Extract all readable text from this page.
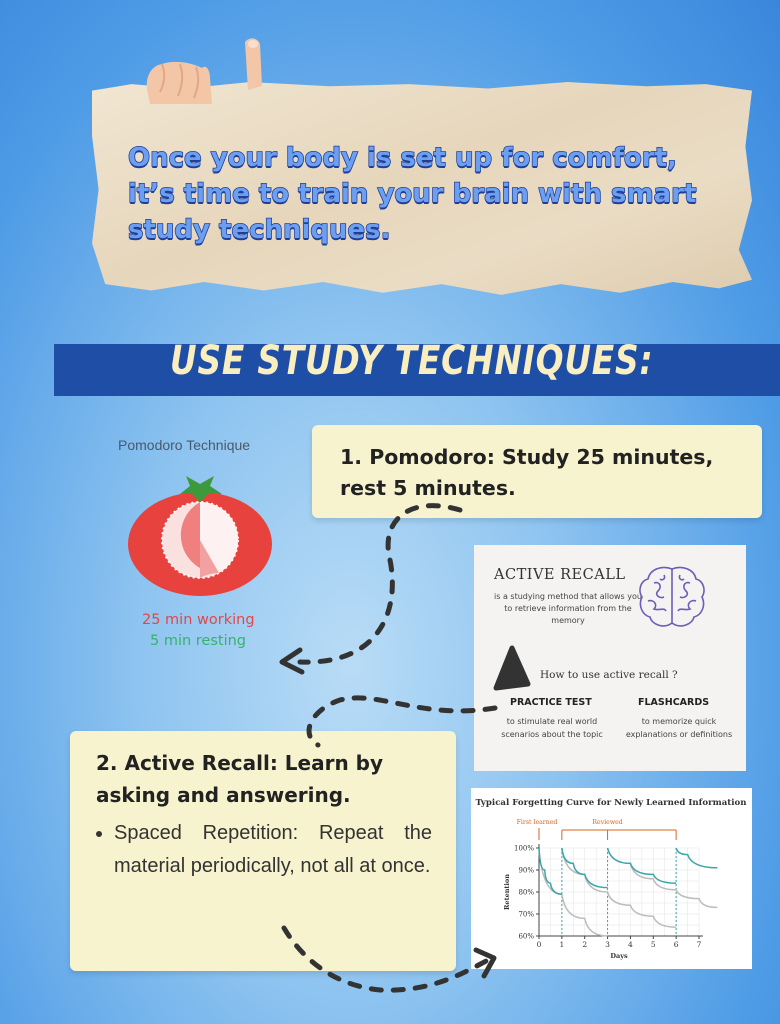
Once your body is set up for comfort, it’s time to train your brain with smart study techniques.
USE STUDY TECHNIQUES:
Pomodoro Technique
25 min working
5 min resting
1. Pomodoro: Study 25 minutes, rest 5 minutes.
ACTIVE RECALL
is a studying method that allows you to retrieve information from the memory
How to use active recall ?
PRACTICE TEST
to stimulate real world scenarios about the topic
FLASHCARDS
to memorize quick explanations or definitions
2. Active Recall: Learn by asking and answering.
• Spaced Repetition: Repeat the material periodically, not all at once.
Typical Forgetting Curve for Newly Learned Information
0 1 2 3 4 5 6 7
100%
90%
80%
70%
60%
Days
Retention
First learned	Reviewed
